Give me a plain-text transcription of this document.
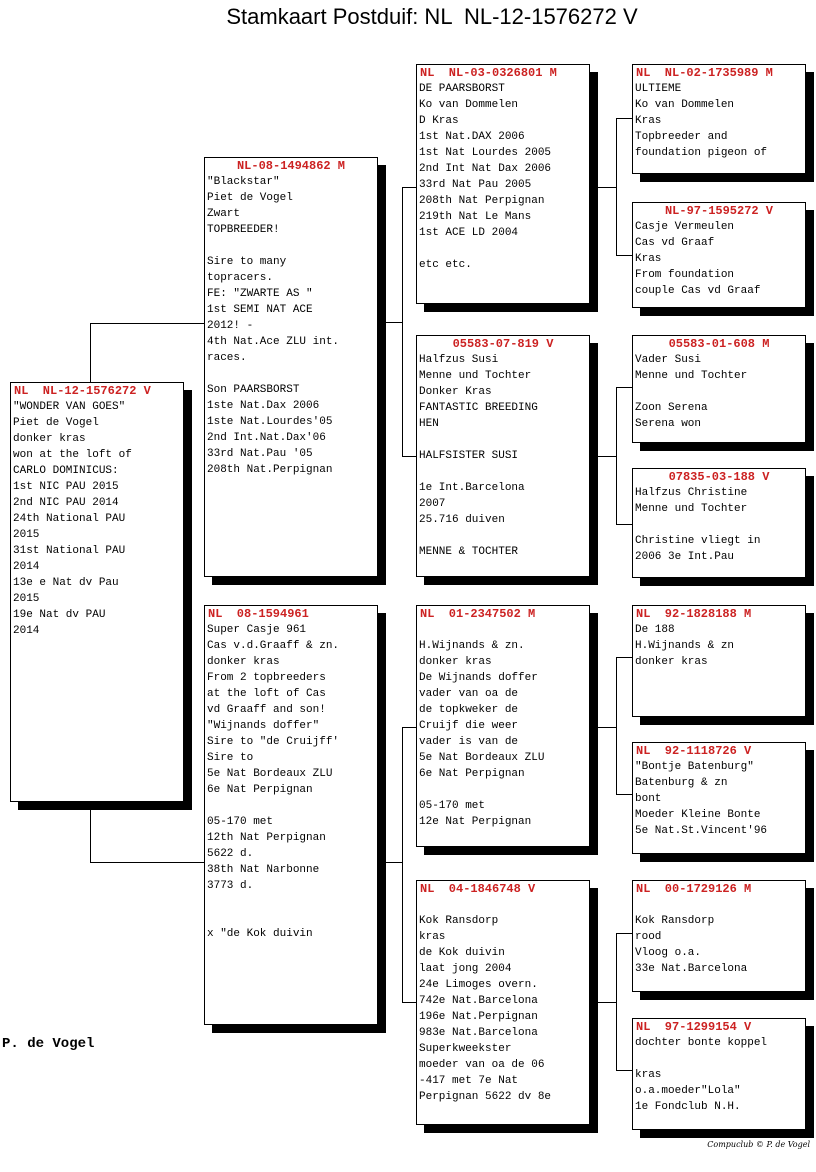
Stamkaart Postduif: NL  NL-12-1576272 V
NL  NL-12-1576272 V
"WONDER VAN GOES"
Piet de Vogel
donker kras
won at the loft of
CARLO DOMINICUS:
1st NIC PAU 2015
2nd NIC PAU 2014
24th National PAU
2015
31st National PAU
2014
13e e Nat dv Pau
2015
19e Nat dv PAU
2014
NL-08-1494862 M
"Blackstar"
Piet de Vogel
Zwart
TOPBREEDER!

Sire to many
topracers.
FE: "ZWARTE AS "
1st SEMI NAT ACE
2012! -
4th Nat.Ace ZLU int.
races.

Son PAARSBORST
1ste Nat.Dax 2006
1ste Nat.Lourdes'05
2nd Int.Nat.Dax'06
33rd Nat.Pau '05
208th Nat.Perpignan
NL  08-1594961
Super Casje 961
Cas v.d.Graaff & zn.
donker kras
From 2 topbreeders
at the loft of Cas
vd Graaff and son!
"Wijnands doffer"
Sire to "de Cruijff'
Sire to
5e Nat Bordeaux ZLU
6e Nat Perpignan

05-170 met
12th Nat Perpignan
5622 d.
38th Nat Narbonne
3773 d.

x "de Kok duivin
NL  NL-03-0326801 M
DE PAARSBORST
Ko van Dommelen
D Kras
1st Nat.DAX 2006
1st Nat Lourdes 2005
2nd Int Nat Dax 2006
33rd Nat Pau 2005
208th Nat Perpignan
219th Nat Le Mans
1st ACE LD 2004

etc etc.
05583-07-819 V
Halfzus Susi
Menne und Tochter
Donker Kras
FANTASTIC BREEDING
HEN

HALFSISTER SUSI

1e Int.Barcelona
2007
25.716 duiven

MENNE & TOCHTER
NL  01-2347502 M

H.Wijnands & zn.
donker kras
De Wijnands doffer
vader van oa de
de topkweker de
Cruijf die weer
vader is van de
5e Nat Bordeaux ZLU
6e Nat Perpignan

05-170 met
12e Nat Perpignan
NL  04-1846748 V

Kok Ransdorp
kras
de Kok duivin
laat jong 2004
24e Limoges overn.
742e Nat.Barcelona
196e Nat.Perpignan
983e Nat.Barcelona
Superkweekster
moeder van oa de 06
-417 met 7e Nat
Perpignan 5622 dv 8e
NL  NL-02-1735989 M
ULTIEME
Ko van Dommelen
Kras
Topbreeder and
foundation pigeon of
NL-97-1595272 V
Casje Vermeulen
Cas vd Graaf
Kras
From foundation
couple Cas vd Graaf
05583-01-608 M
Vader Susi
Menne und Tochter

Zoon Serena
Serena won
07835-03-188 V
Halfzus Christine
Menne und Tochter

Christine vliegt in
2006 3e Int.Pau
NL  92-1828188 M
De 188
H.Wijnands & zn
donker kras
NL  92-1118726 V
"Bontje Batenburg"
Batenburg & zn
bont
Moeder Kleine Bonte
5e Nat.St.Vincent'96
NL  00-1729126 M

Kok Ransdorp
rood
Vloog o.a.
33e Nat.Barcelona
NL  97-1299154 V
dochter bonte koppel

kras
o.a.moeder"Lola"
1e Fondclub N.H.
P. de Vogel
Compuclub © P. de Vogel
